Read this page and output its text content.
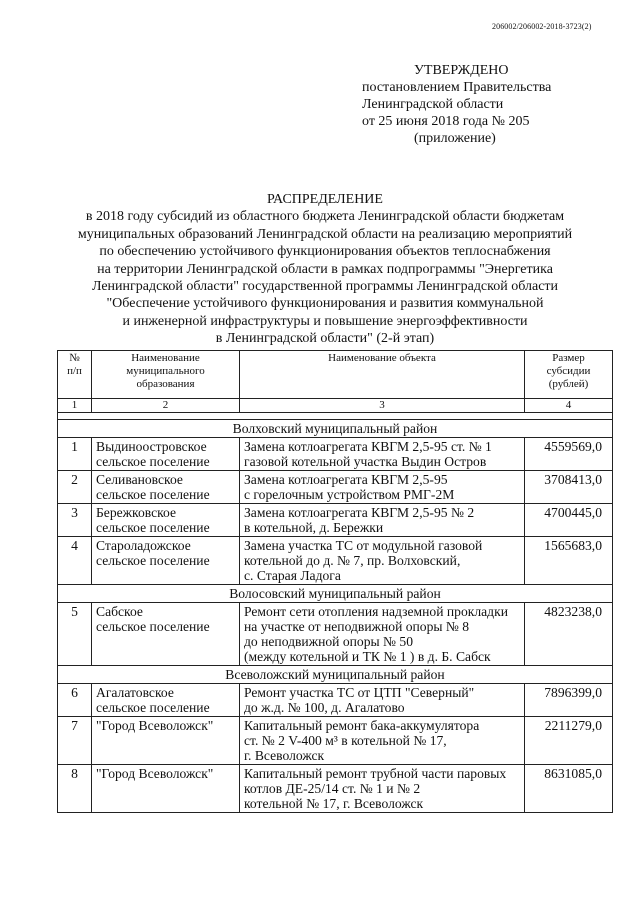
206002/206002-2018-3723(2)
УТВЕРЖДЕНО
постановлением Правительства
Ленинградской области
от 25 июня 2018 года № 205
(приложение)
РАСПРЕДЕЛЕНИЕ
в 2018 году субсидий из областного бюджета Ленинградской области бюджетам
муниципальных образований Ленинградской области на реализацию мероприятий
по обеспечению устойчивого функционирования объектов теплоснабжения
на территории Ленинградской области в рамках подпрограммы "Энергетика
Ленинградской области" государственной программы Ленинградской области
"Обеспечение устойчивого функционирования и развития коммунальной
и инженерной инфраструктуры и повышение энергоэффективности
в Ленинградской области" (2-й этап)
№
п/п	Наименование
муниципального
образования	Наименование объекта	Размер
субсидии
(рублей)
1	2	3	4

Волховский муниципальный район			
1	Выдиноостровское
сельское поселение	Замена котлоагрегата КВГМ 2,5-95 ст. № 1
газовой котельной участка Выдин Остров	4559569,0
2	Селивановское
сельское поселение	Замена котлоагрегата КВГМ 2,5-95
с горелочным устройством РМГ-2М	3708413,0
3	Бережковское
сельское поселение	Замена котлоагрегата КВГМ 2,5-95 № 2
в котельной, д. Бережки	4700445,0
4	Староладожское
сельское поселение	Замена участка ТС от модульной газовой
котельной до д. № 7, пр. Волховский,
с. Старая Ладога	1565683,0
Волосовский муниципальный район			
5	Сабское
сельское поселение	Ремонт сети отопления надземной прокладки
на участке от неподвижной опоры № 8
до неподвижной опоры № 50
(между котельной и ТК № 1 ) в д. Б. Сабск	4823238,0
Всеволожский муниципальный район			
6	Агалатовское
сельское поселение	Ремонт участка ТС от ЦТП "Северный"
до ж.д. № 100, д. Агалатово	7896399,0
7	"Город Всеволожск"	Капитальный ремонт бака-аккумулятора
ст. № 2 V-400 м³ в котельной № 17,
г. Всеволожск	2211279,0
8	"Город Всеволожск"	Капитальный ремонт трубной части паровых
котлов ДЕ-25/14 ст. № 1 и № 2
котельной № 17, г. Всеволожск	8631085,0
